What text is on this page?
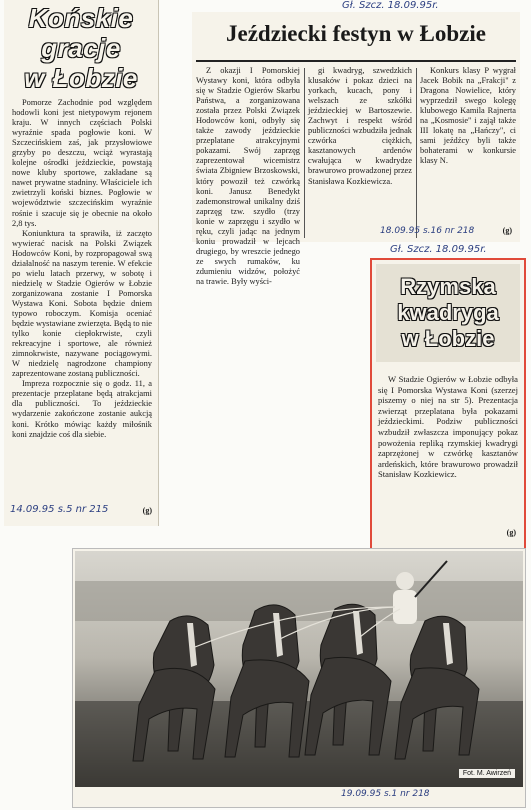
Końskie
gracje
w Łobzie

Pomorze Zachodnie pod względem hodowli koni jest nietypowym rejonem kraju. W innych częściach Polski wyraźnie spada pogłowie koni. W Szczecińskiem zaś, jak przysłowiowe grzyby po deszczu, wciąż wyrastają kolejne ośrodki jeździeckie, powstają nowe kluby sportowe, zakładane są nawet prywatne stadniny. Właściciele ich zwietrzyli koński biznes. Pogłowie w województwie szczecińskim wyraźnie rośnie i szacuje się je obecnie na około 2,8 tys.

Koniunktura ta sprawiła, iż zaczęto wywierać nacisk na Polski Związek Hodowców Koni, by rozpropagował swą działalność na naszym terenie. W efekcie po wielu latach przerwy, w sobotę i niedzielę w Stadzie Ogierów w Łobzie zorganizowana zostanie I Pomorska Wystawa Koni. Sobota będzie dniem typowo roboczym. Komisja oceniać będzie wystawiane zwierzęta. Będą to nie tylko konie ciepłokrwiste, czyli rekreacyjne i sportowe, ale również zimnokrwiste, nazywane pociągowymi. W niedzielę nagrodzone championy zaprezentowane zostaną publiczności.

Impreza rozpocznie się o godz. 11, a prezentacje przeplatane będą atrakcjami dla publiczności. To jeździeckie wydarzenie zakończone zostanie aukcją koni. Krótko mówiąc każdy miłośnik koni znajdzie coś dla siebie.

14.09.95 s.5 nr 215	(g)
Gł. Szcz. 18.09.95r.
Jeździecki festyn w Łobzie

Z okazji I Pomorskiej Wystawy koni, która odbyła się w Stadzie Ogierów Skarbu Państwa, a zorganizowana została przez Polski Związek Hodowców koni, odbyły się także zawody jeździeckie przeplatane atrakcyjnymi pokazami. Swój zaprzęg zaprezentował wicemistrz świata Zbigniew Brzoskowski, który powoził też czwórką koni. Janusz Benedykt zademonstrował unikalny dziś zaprzęg tzw. szydło (trzy konie w zaprzęgu i szydło w ręku, czyli jadąc na jednym koniu prowadził w lejcach drugiego, by wreszcie jednego ze swych rumaków, ku zdumieniu widzów, położyć na trawie. Były wyści-

gi kwadryg, szwedzkich klusaków i pokaz dzieci na yorkach, kucach, pony i welszach ze szkółki jeździeckiej w Bartoszewie. Zachwyt i respekt wśród publiczności wzbudziła jednak czwórka ciężkich, kasztanowych ardenów cwałująca w kwadrydze brawurowo prowadzonej przez Stanisława Kozkiewicza.

Konkurs klasy P wygrał Jacek Bobik na „Frakcji" z Dragona Nowielice, który wyprzedził swego kolegę klubowego Kamila Rajnerta na „Kosmosie" i zajął także III lokatę na „Hańczy", ci sami jeźdźcy byli także bohaterami w konkursie klasy N.

18.09.95 s.16 nr 218	(g)
Gł. Szcz. 18.09.95r.
Rzymska
kwadryga
w Łobzie

W Stadzie Ogierów w Łobzie odbyła się I Pomorska Wystawa Koni (szerzej piszemy o niej na str 5). Prezentacja zwierząt przeplatana była pokazami jeździeckimi. Podziw publiczności wzbudził zwłaszcza imponujący pokaz powożenia repliką rzymskiej kwadrygi zaprzężonej w czwórkę kasztanów ardeńskich, które brawurowo prowadził Stanisław Kozkiewicz.

(g)
Fot. M. Awirzeń
19.09.95 s.1 nr 218
